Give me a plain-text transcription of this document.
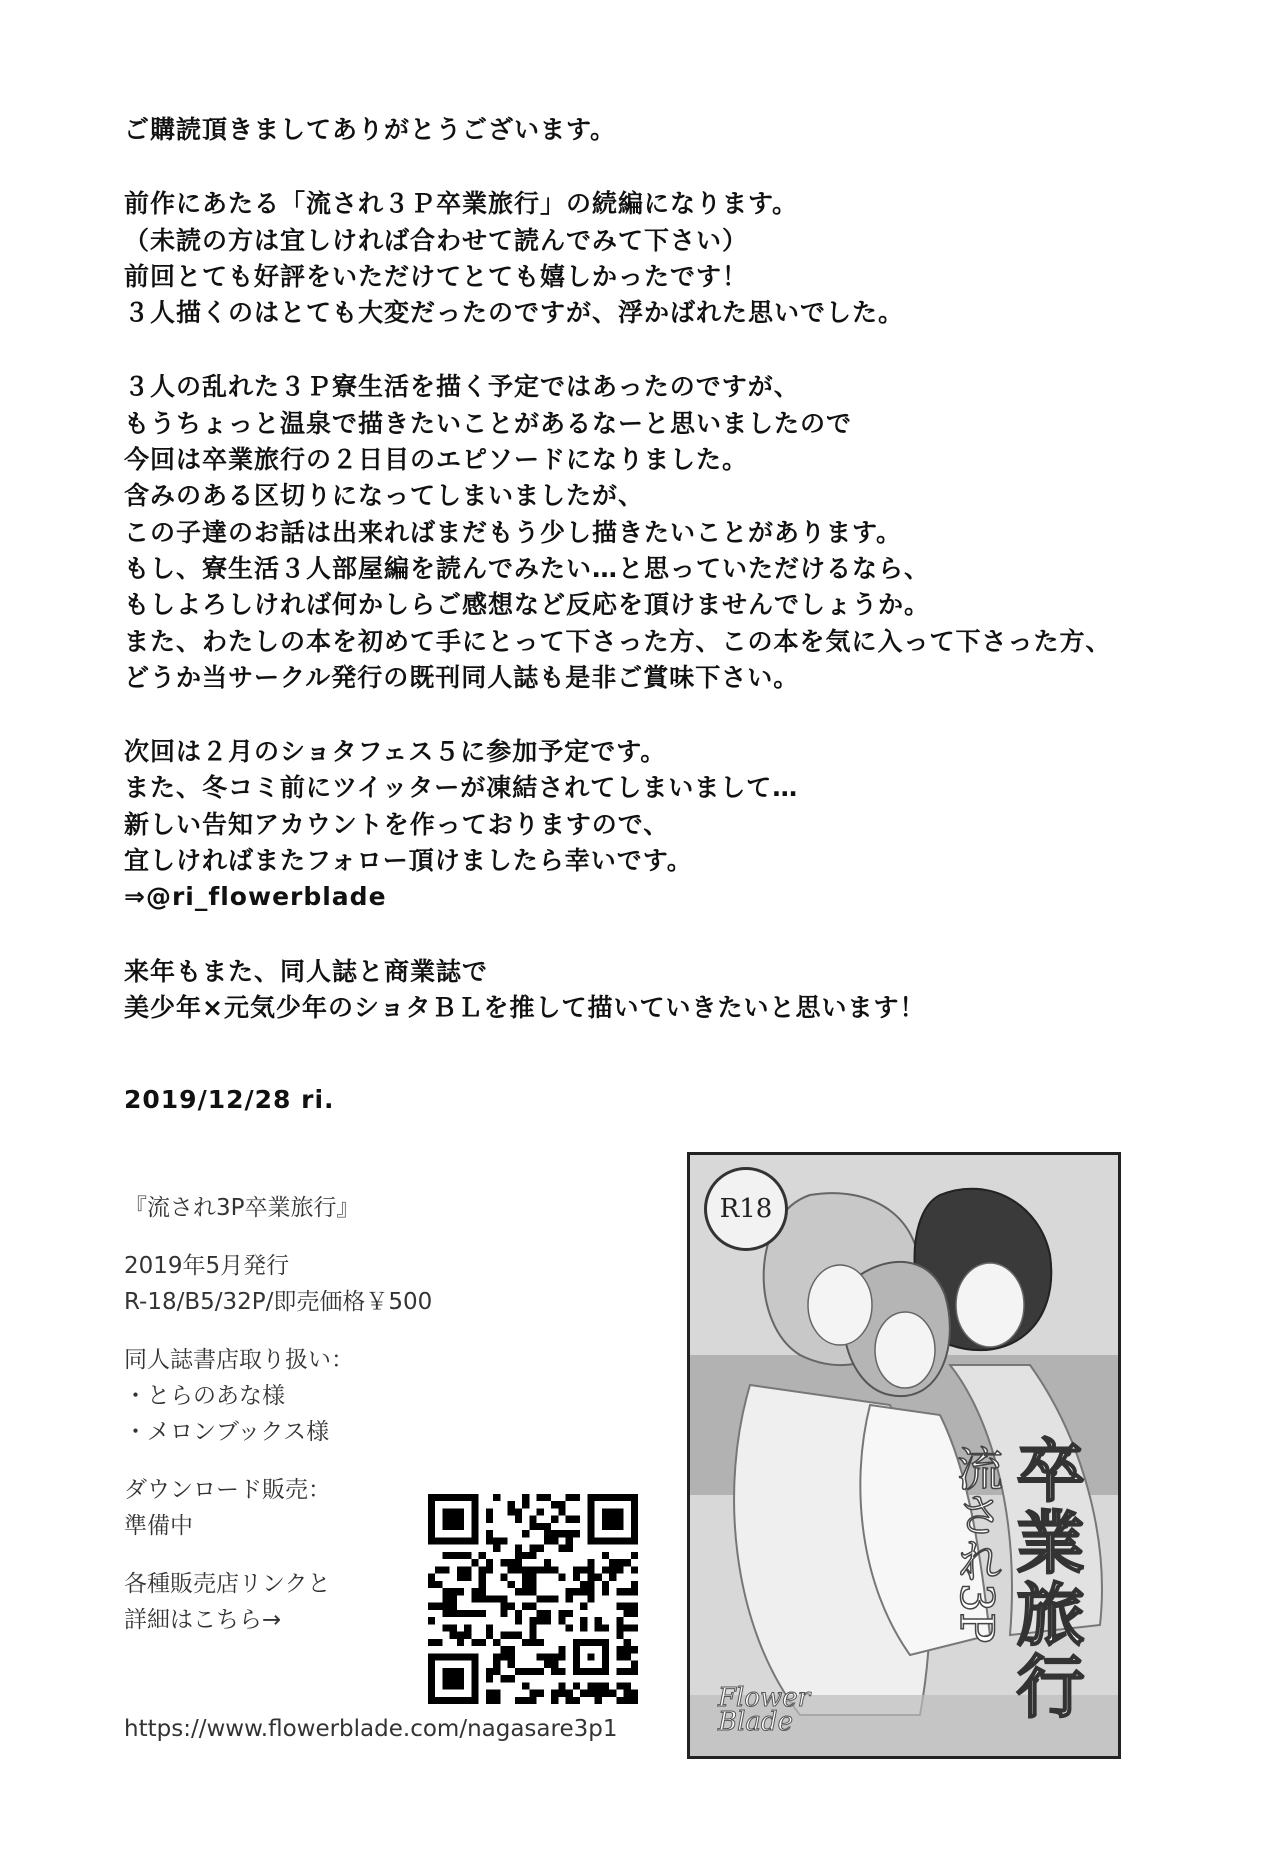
ご購読頂きましてありがとうございます。
前作にあたる「流され３Ｐ卒業旅行」の続編になります。
（未読の方は宜しければ合わせて読んでみて下さい）
前回とても好評をいただけてとても嬉しかったです！
３人描くのはとても大変だったのですが、浮かばれた思いでした。
３人の乱れた３Ｐ寮生活を描く予定ではあったのですが、
もうちょっと温泉で描きたいことがあるなーと思いましたので
今回は卒業旅行の２日目のエピソードになりました。
含みのある区切りになってしまいましたが、
この子達のお話は出来ればまだもう少し描きたいことがあります。
もし、寮生活３人部屋編を読んでみたい…と思っていただけるなら、
もしよろしければ何かしらご感想など反応を頂けませんでしょうか。
また、わたしの本を初めて手にとって下さった方、この本を気に入って下さった方、
どうか当サークル発行の既刊同人誌も是非ご賞味下さい。
次回は２月のショタフェス５に参加予定です。
また、冬コミ前にツイッターが凍結されてしまいまして…
新しい告知アカウントを作っておりますので、
宜しければまたフォロー頂けましたら幸いです。
⇒@ri_flowerblade
来年もまた、同人誌と商業誌で
美少年×元気少年のショタＢＬを推して描いていきたいと思います！
2019/12/28 ri.
『流され3P卒業旅行』
2019年5月発行
R-18/B5/32P/即売価格￥500
同人誌書店取り扱い：
・とらのあな様
・メロンブックス様
ダウンロード販売：
準備中
各種販売店リンクと
詳細はこちら→
https://www.flowerblade.com/nagasare3p1
R18
流され3P 卒業旅行
Flower
Blade
